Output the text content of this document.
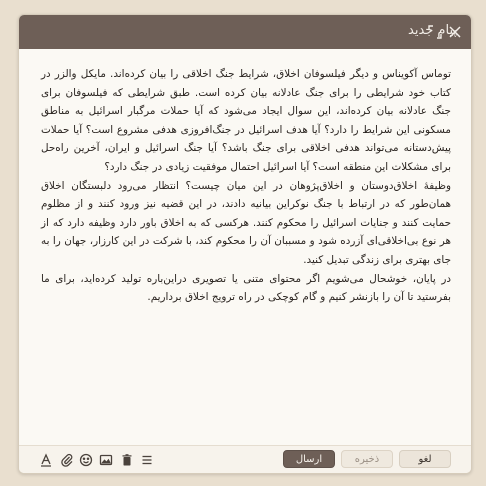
پیام جدید

توماس آکویناس و دیگر فیلسوفان اخلاق، شرایط جنگ اخلاقی را بیان کرده‌اند. مایکل والزر در کتاب خود شرایطی را برای جنگ عادلانه بیان کرده است. طبق شرایطی که فیلسوفان برای جنگ عادلانه بیان کرده‌اند، این سوال ایجاد می‌شود که آیا حملات مرگبار اسرائیل به مناطق مسکونی این شرایط را دارد؟ آیا هدف اسرائیل در جنگ‌افروزی هدفی مشروع است؟ آیا حملات پیش‌دستانه می‌تواند هدفی اخلاقی برای جنگ باشد؟ آیا جنگ اسرائیل و ایران، آخرین راه‌حل برای مشکلات این منطقه است؟ آیا اسرائیل احتمال موفقیت زیادی در جنگ دارد؟

وظیفهٔ اخلاق‌دوستان و اخلاق‌پژوهان در این میان چیست؟ انتظار می‌رود دلبستگان اخلاق همان‌طور که در ارتباط با جنگ نوکراین بیانیه دادند، در این قضیه نیز ورود کنند و از مظلوم حمایت کنند و جنایات اسرائیل را محکوم کنند. هرکسی که به اخلاق باور دارد وظیفه دارد که از هر نوع بی‌اخلاقی‌ای آزرده شود و مسببان آن را محکوم کند، با شرکت در این کارزار، جهان را به جای بهتری برای زندگی تبدیل کنید.

در پایان، خوشحال می‌شویم اگر محتوای متنی یا تصویری دراین‌باره تولید کرده‌اید، برای ما بفرستید تا آن را بازنشر کنیم و گام کوچکی در راه ترویج اخلاق برداریم.

ارسال	ذخیره	لغو
